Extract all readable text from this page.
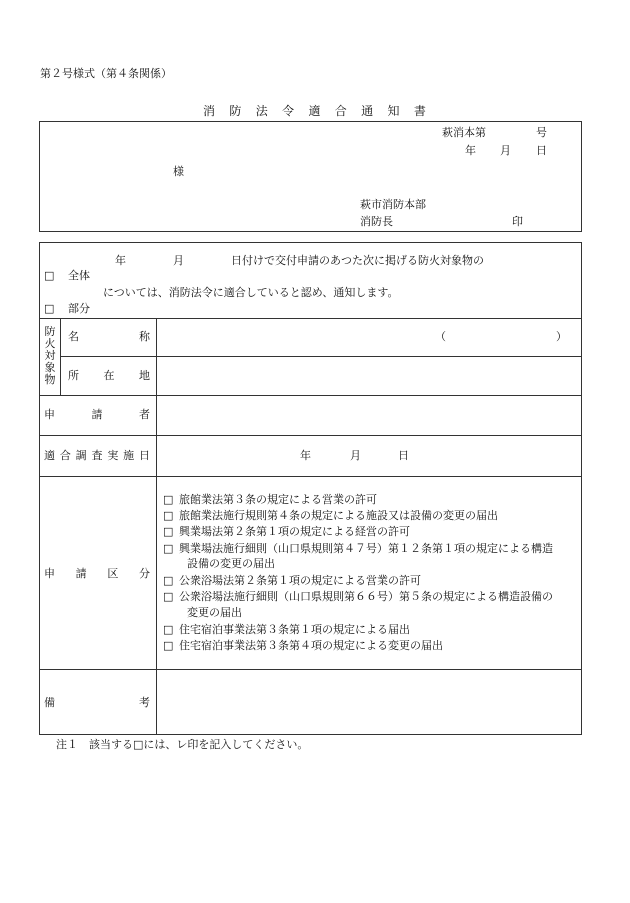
第２号様式（第４条関係）
消 防 法 令 適 合 通 知 書
萩消本第	号
年 月 日
様
萩市消防本部
消防長	印
年	月	日付けで交付申請のあつた次に掲げる防火対象物の
□ 全体
については、消防法令に適合していると認め、通知します。
□ 部分
防
火
対
象
物
名	称	（	）
所 在 地
申	請	者
適 合 調 査 実 施 日	年	月	日
申 請 区 分
□ 旅館業法第３条の規定による営業の許可
□ 旅館業法施行規則第４条の規定による施設又は設備の変更の届出
□ 興業場法第２条第１項の規定による経営の許可
□ 興業場法施行細則（山口県規則第４７号）第１２条第１項の規定による構造
設備の変更の届出
□ 公衆浴場法第２条第１項の規定による営業の許可
□ 公衆浴場法施行細則（山口県規則第６６号）第５条の規定による構造設備の
変更の届出
□ 住宅宿泊事業法第３条第１項の規定による届出
□ 住宅宿泊事業法第３条第４項の規定による変更の届出
備	考
注１　該当する□には、レ印を記入してください。
